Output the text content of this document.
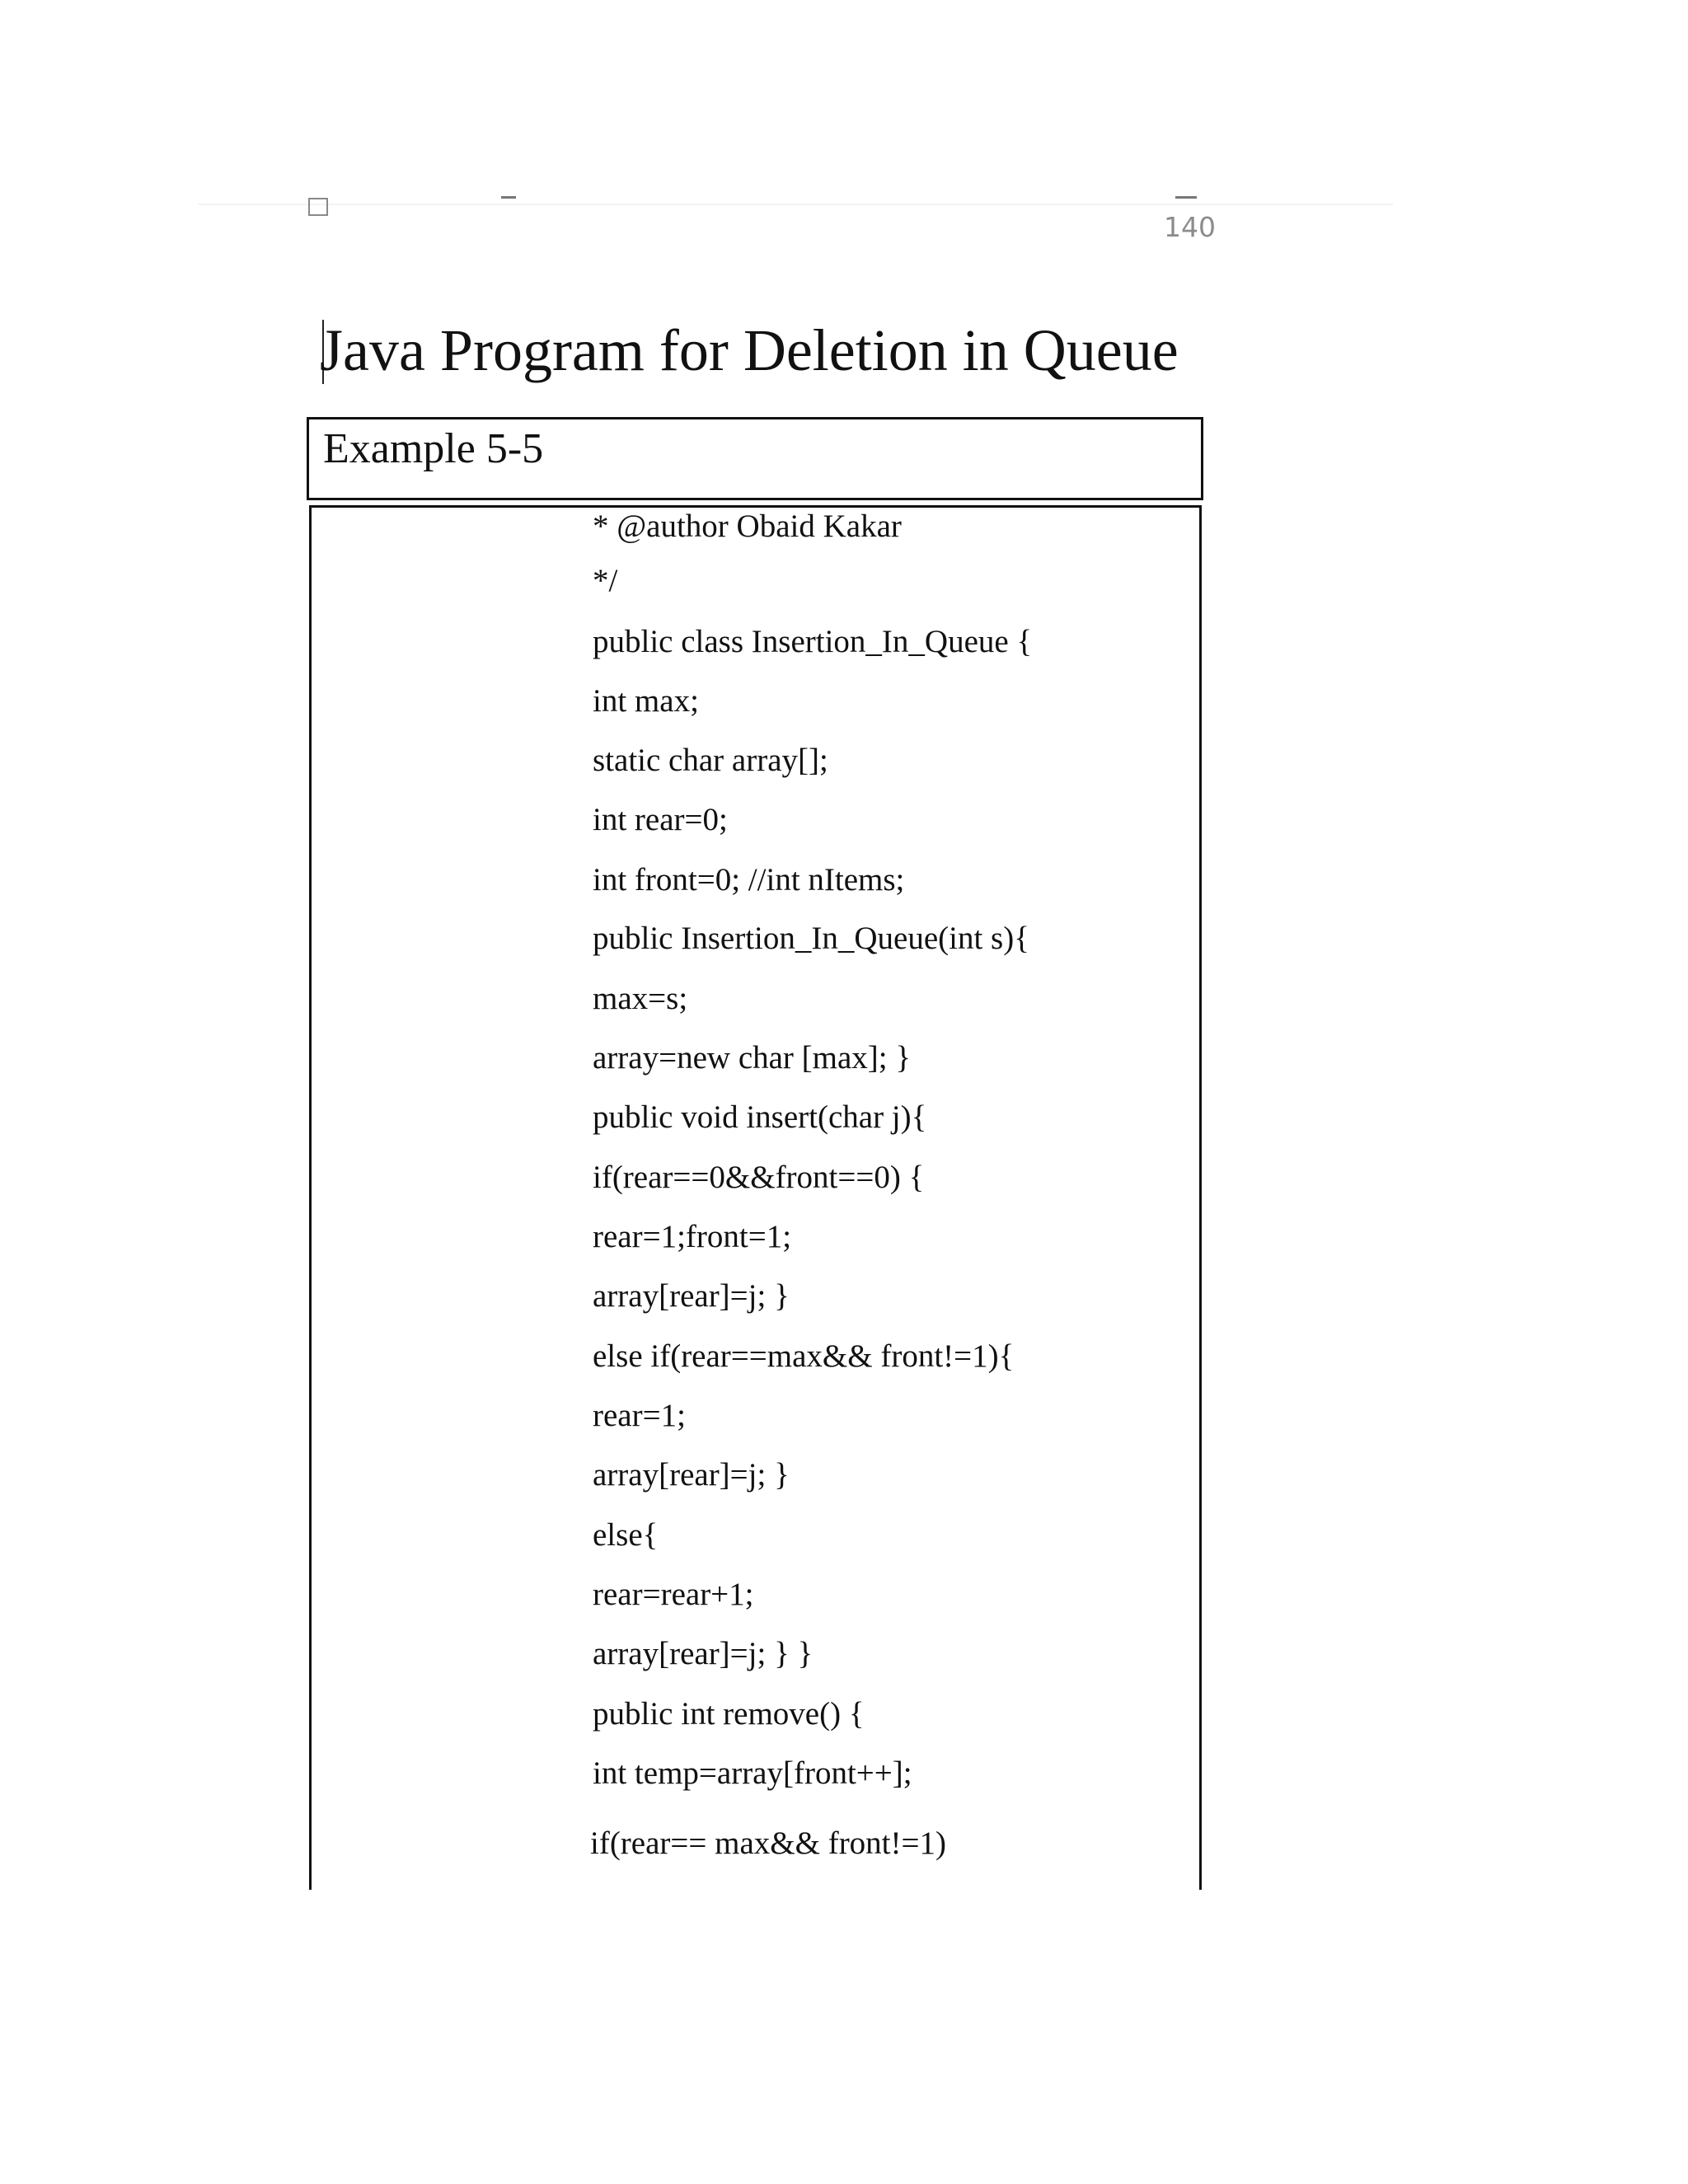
140
Java Program for Deletion in Queue
Example 5-5
* @author Obaid Kakar
*/
public class Insertion_In_Queue {
int max;
static char array[];
int rear=0;
int front=0; //int nItems;
public Insertion_In_Queue(int s){
max=s;
array=new char [max]; }
public void insert(char j){
if(rear==0&&front==0) {
rear=1;front=1;
array[rear]=j; }
else if(rear==max&& front!=1){
rear=1;
array[rear]=j; }
else{
rear=rear+1;
array[rear]=j; } }
public int remove() {
int temp=array[front++];
if(rear== max&& front!=1)
